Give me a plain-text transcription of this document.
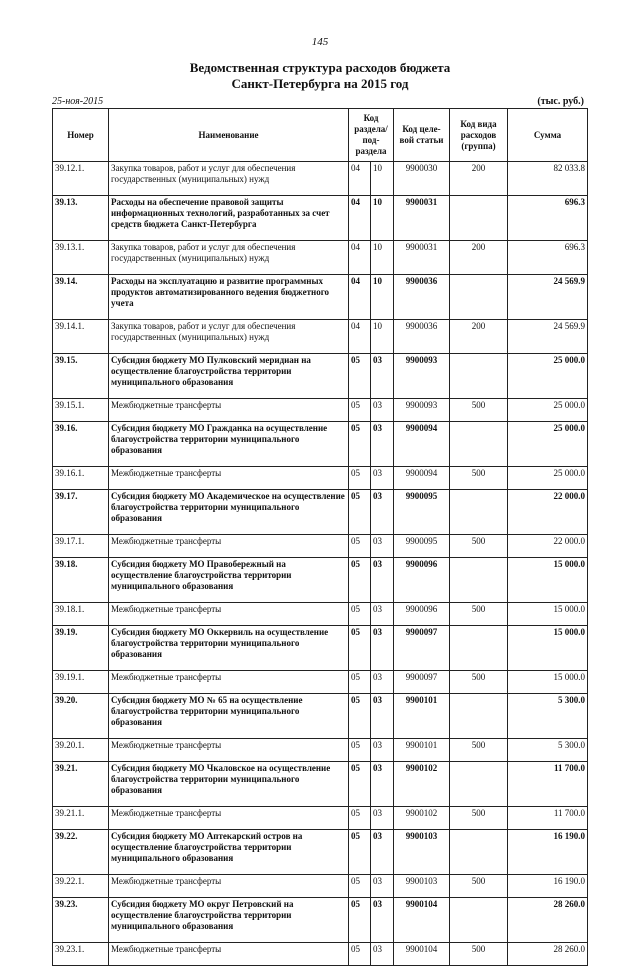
145
Ведомственная структура расходов бюджета
Санкт-Петербурга на 2015 год
25-ноя-2015	(тыс. руб.)
Номер	Наименование	Код раздела/ под-раздела		Код целе-вой статьи	Код вида расходов (группа)	Сумма
39.12.1.	Закупка товаров, работ и услуг для обеспечения государственных (муниципальных) нужд	04	10	9900030	200	82 033.8
39.13.	Расходы на обеспечение правовой защиты информационных технологий, разработанных за счет средств бюджета Санкт-Петербурга	04	10	9900031		696.3
39.13.1.	Закупка товаров, работ и услуг для обеспечения государственных (муниципальных) нужд	04	10	9900031	200	696.3
39.14.	Расходы на эксплуатацию и развитие программных продуктов автоматизированного ведения бюджетного учета	04	10	9900036		24 569.9
39.14.1.	Закупка товаров, работ и услуг для обеспечения государственных (муниципальных) нужд	04	10	9900036	200	24 569.9
39.15.	Субсидия бюджету МО Пулковский меридиан на осуществление благоустройства территории муниципального образования	05	03	9900093		25 000.0
39.15.1.	Межбюджетные трансферты	05	03	9900093	500	25 000.0
39.16.	Субсидия бюджету МО Гражданка на осуществление благоустройства территории муниципального образования	05	03	9900094		25 000.0
39.16.1.	Межбюджетные трансферты	05	03	9900094	500	25 000.0
39.17.	Субсидия бюджету МО Академическое на осуществление благоустройства территории муниципального образования	05	03	9900095		22 000.0
39.17.1.	Межбюджетные трансферты	05	03	9900095	500	22 000.0
39.18.	Субсидия бюджету МО Правобережный на осуществление благоустройства территории муниципального образования	05	03	9900096		15 000.0
39.18.1.	Межбюджетные трансферты	05	03	9900096	500	15 000.0
39.19.	Субсидия бюджету МО Оккервиль на осуществление благоустройства территории муниципального образования	05	03	9900097		15 000.0
39.19.1.	Межбюджетные трансферты	05	03	9900097	500	15 000.0
39.20.	Субсидия бюджету МО № 65 на осуществление благоустройства территории муниципального образования	05	03	9900101		5 300.0
39.20.1.	Межбюджетные трансферты	05	03	9900101	500	5 300.0
39.21.	Субсидия бюджету МО Чкаловское на осуществление благоустройства территории муниципального образования	05	03	9900102		11 700.0
39.21.1.	Межбюджетные трансферты	05	03	9900102	500	11 700.0
39.22.	Субсидия бюджету МО Аптекарский остров на осуществление благоустройства территории муниципального образования	05	03	9900103		16 190.0
39.22.1.	Межбюджетные трансферты	05	03	9900103	500	16 190.0
39.23.	Субсидия бюджету МО округ Петровский на осуществление благоустройства территории муниципального образования	05	03	9900104		28 260.0
39.23.1.	Межбюджетные трансферты	05	03	9900104	500	28 260.0
